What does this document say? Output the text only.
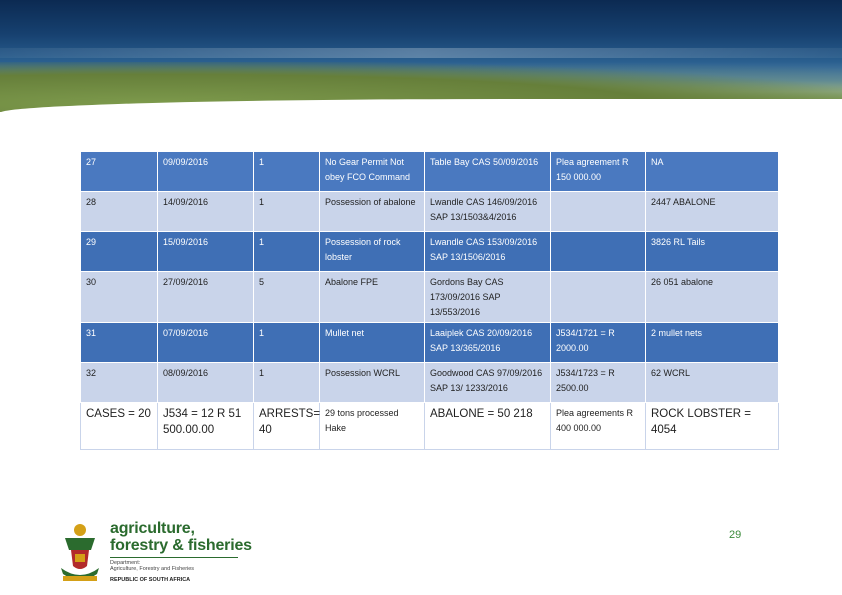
27	09/09/2016	1	No Gear Permit Not obey FCO Command	Table Bay CAS 50/09/2016	Plea agreement R 150 000.00	NA
28	14/09/2016	1	Possession of abalone	Lwandle CAS 146/09/2016 SAP 13/1503&4/2016		2447 ABALONE
29	15/09/2016	1	Possession of rock lobster	Lwandle CAS 153/09/2016 SAP 13/1506/2016		3826 RL Tails
30	27/09/2016	5	Abalone FPE	Gordons Bay CAS 173/09/2016 SAP 13/553/2016		26 051 abalone
31	07/09/2016	1	Mullet net	Laaiplek CAS 20/09/2016 SAP 13/365/2016	J534/1721 = R 2000.00	2 mullet nets
32	08/09/2016	1	Possession WCRL	Goodwood CAS 97/09/2016 SAP 13/ 1233/2016	J534/1723 = R 2500.00	62 WCRL
CASES = 20	J534 = 12 R 51 500.00.00	ARRESTS= 40	29 tons processed Hake	ABALONE = 50 218	Plea agreements R 400 000.00	ROCK LOBSTER = 4054
29
agriculture,
forestry & fisheries
Department:
Agriculture, Forestry and Fisheries
REPUBLIC OF SOUTH AFRICA
